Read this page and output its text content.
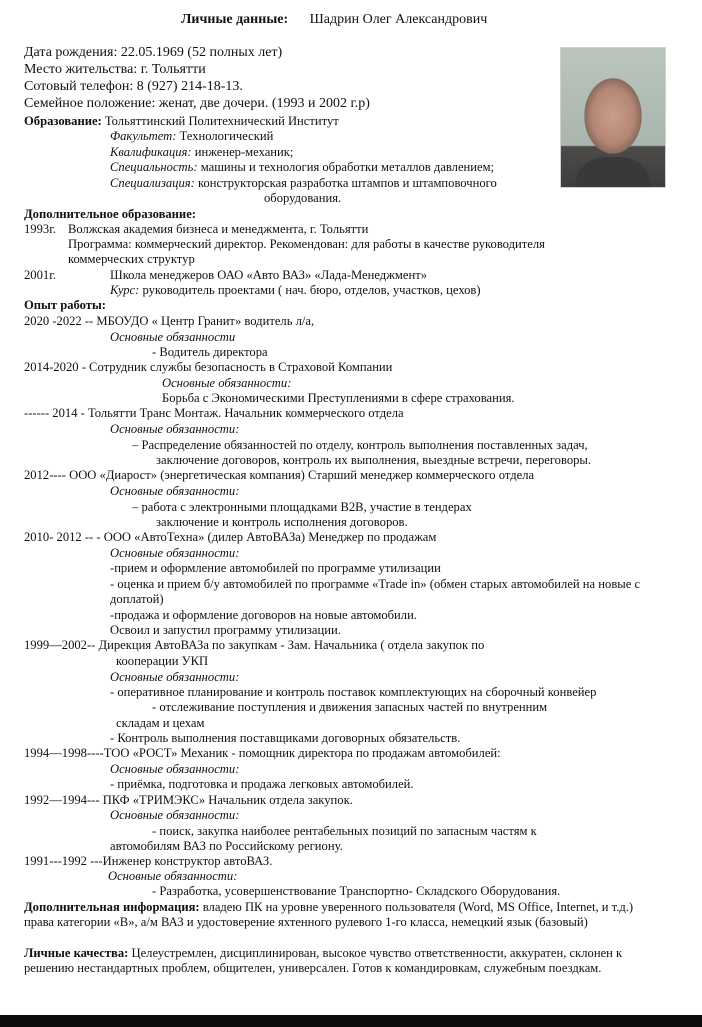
Личные данные: Шадрин Олег Александрович
Дата рождения: 22.05.1969 (52 полных лет)
Место жительства: г. Тольятти
Сотовый телефон: 8 (927) 214-18-13.
Семейное положение: женат, две дочери. (1993 и 2002 г.р)
Образование: Тольяттинский Политехнический Институт
Факультет: Технологический
Квалификация: инженер-механик;
Специальность: машины и технология обработки металлов давлением;
Специализация: конструкторская разработка штампов и штамповочного
оборудования.
Дополнительное образование:
1993г. Волжская академия бизнеса и менеджмента, г. Тольятти
Программа: коммерческий директор. Рекомендован: для работы в качестве руководителя
коммерческих структур
2001г.	Школа менеджеров ОАО «Авто ВАЗ» «Лада-Менеджмент»
Курс: руководитель проектами ( нач. бюро, отделов, участков, цехов)
Опыт работы:
2020 -2022 -- МБОУДО « Центр Гранит» водитель л/а,
Основные обязанности
- Водитель директора
2014-2020 - Сотрудник службы безопасность в Страховой Компании
Основные обязанности:
Борьба с Экономическими Преступлениями в сфере страхования.
------ 2014 - Тольятти Транс Монтаж. Начальник коммерческого отдела
Основные обязанности:
– Распределение обязанностей по отделу, контроль выполнения поставленных задач,
заключение договоров, контроль их выполнения, выездные встречи, переговоры.
2012---- ООО «Диарост» (энергетическая компания) Старший менеджер коммерческого отдела
Основные обязанности:
– работа с электронными площадками B2B, участие в тендерах
заключение и контроль исполнения договоров.
2010- 2012 -- - ООО «АвтоТехна» (дилер АвтоВАЗа) Менеджер по продажам
Основные обязанности:
-прием и оформление автомобилей по программе утилизации
- оценка и прием б/у автомобилей по программе «Trade in» (обмен старых автомобилей на новые с
доплатой)
-продажа и оформление договоров на новые автомобили.
Освоил и запустил программу утилизации.
1999—2002-- Дирекция АвтоВАЗа по закупкам - Зам. Начальника ( отдела закупок по
кооперации УКП
Основные обязанности:
- оперативное планирование и контроль поставок комплектующих на сборочный конвейер
- отслеживание поступления и движения запасных частей по внутренним
складам и цехам
- Контроль выполнения поставщиками договорных обязательств.
1994—1998----ТОО «РОСТ» Механик - помощник директора по продажам автомобилей:
Основные обязанности:
- приёмка, подготовка и продажа легковых автомобилей.
1992—1994--- ПКФ «ТРИМЭКС» Начальник отдела закупок.
Основные обязанности:
- поиск, закупка наиболее рентабельных позиций по запасным частям к
автомобилям ВАЗ по Российскому региону.
1991---1992 ---Инженер конструктор автоВАЗ.
Основные обязанности:
- Разработка, усовершенствование Транспортно- Складского Оборудования.
Дополнительная информация: владею ПК на уровне уверенного пользователя (Word, MS Office, Internet, и т.д.)
права категории «В», а/м ВАЗ и удостоверение яхтенного рулевого 1-го класса, немецкий язык (базовый)
Личные качества: Целеустремлен, дисциплинирован, высокое чувство ответственности, аккуратен, склонен к
решению нестандартных проблем, общителен, универсален. Готов к командировкам, служебным поездкам.
